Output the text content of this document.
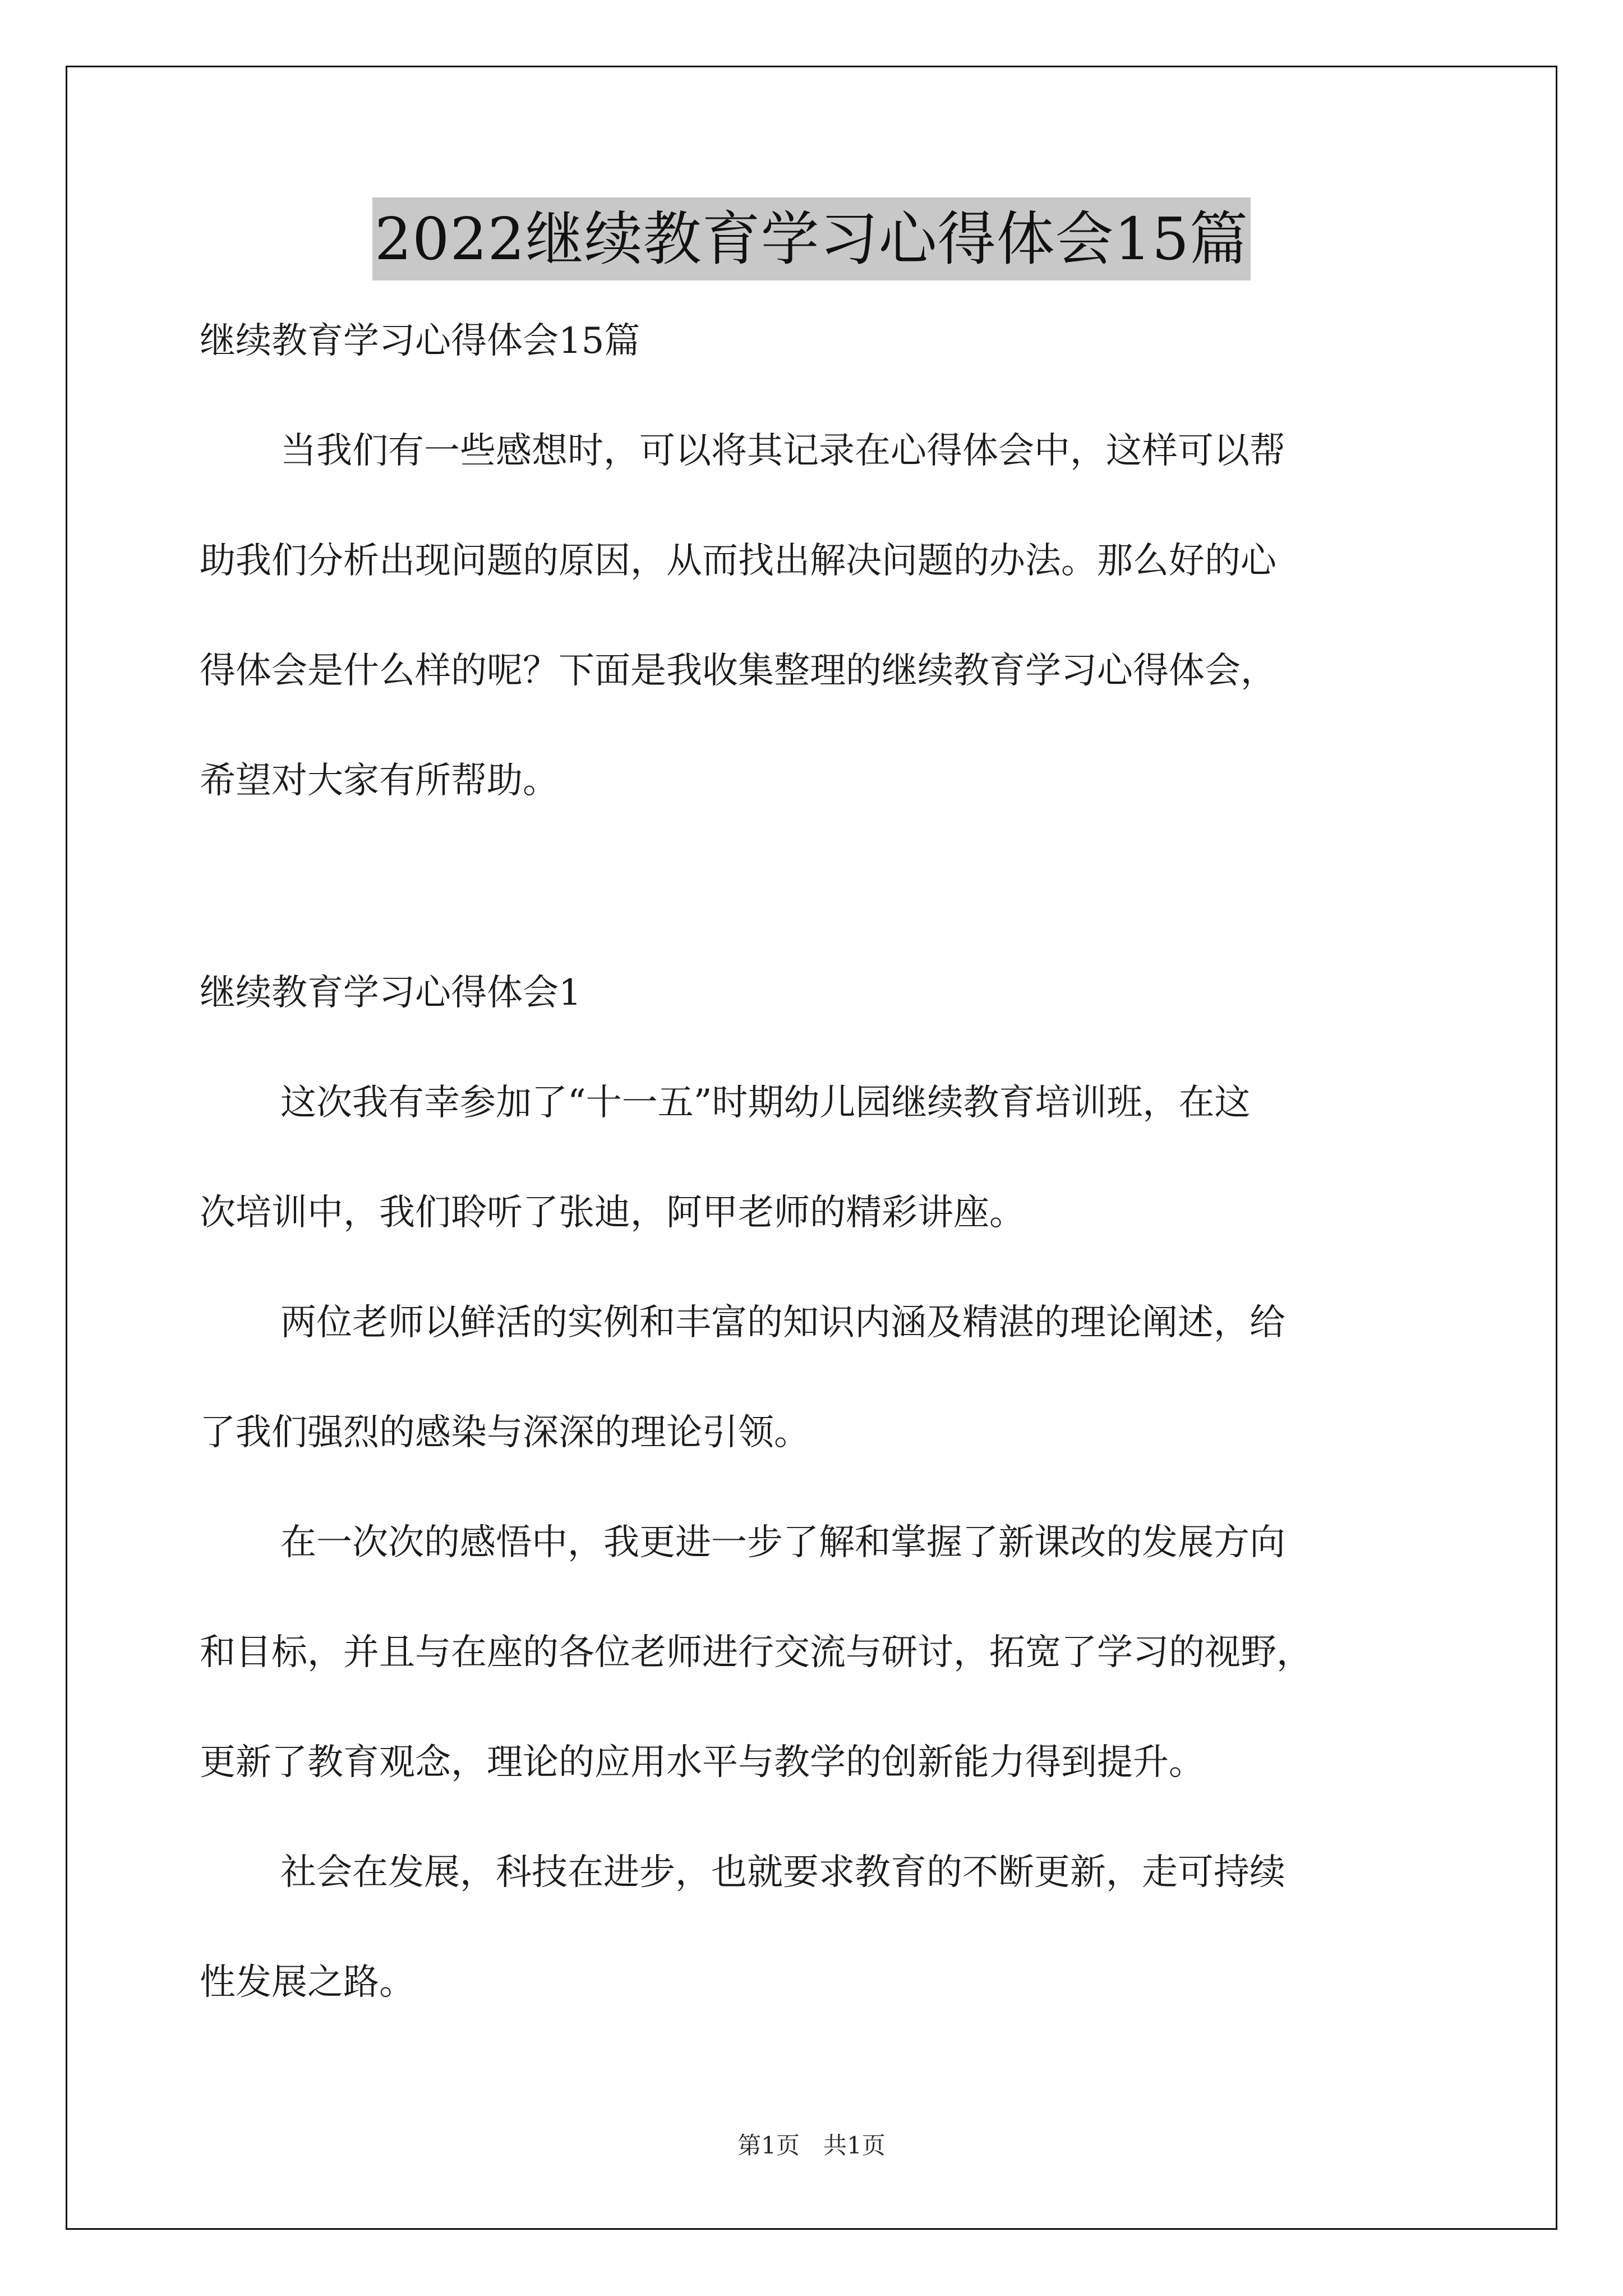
2022继续教育学习心得体会15篇

继续教育学习心得体会15篇

当我们有一些感想时，可以将其记录在心得体会中，这样可以帮

助我们分析出现问题的原因，从而找出解决问题的办法。那么好的心

得体会是什么样的呢？下面是我收集整理的继续教育学习心得体会，

希望对大家有所帮助。

继续教育学习心得体会1

这次我有幸参加了“十一五”时期幼儿园继续教育培训班，在这

次培训中，我们聆听了张迪，阿甲老师的精彩讲座。

两位老师以鲜活的实例和丰富的知识内涵及精湛的理论阐述，给

了我们强烈的感染与深深的理论引领。

在一次次的感悟中，我更进一步了解和掌握了新课改的发展方向

和目标，并且与在座的各位老师进行交流与研讨，拓宽了学习的视野，

更新了教育观念，理论的应用水平与教学的创新能力得到提升。

社会在发展，科技在进步，也就要求教育的不断更新，走可持续

性发展之路。

第1页　共1页
